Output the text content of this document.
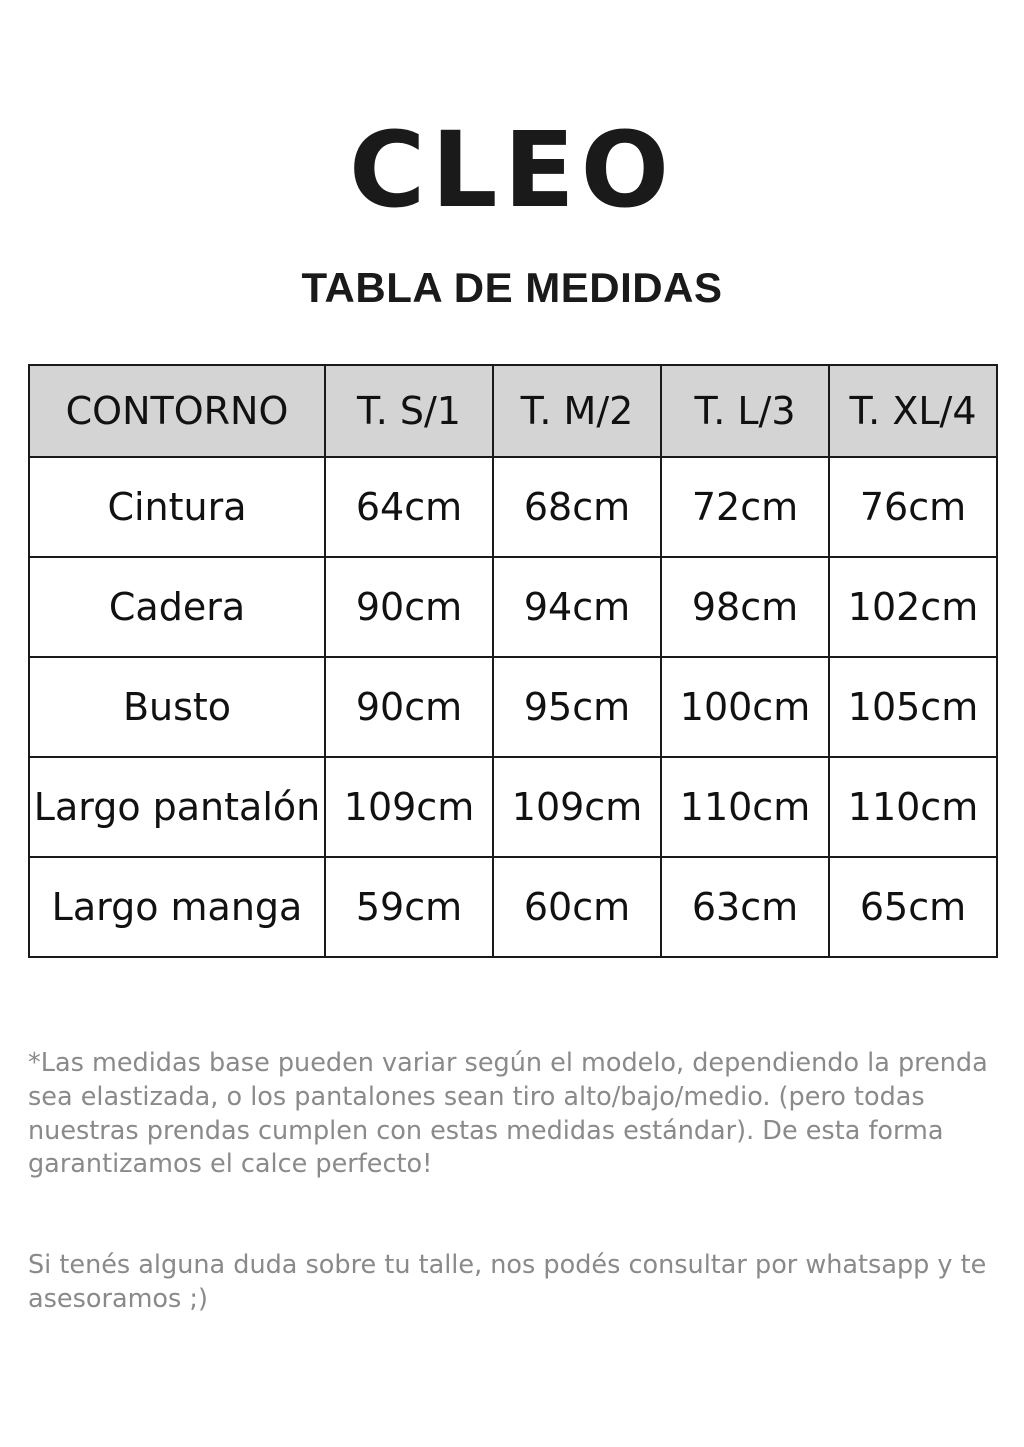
CLEO
TABLA DE MEDIDAS
CONTORNO	T. S/1	T. M/2	T. L/3	T. XL/4
Cintura	64cm	68cm	72cm	76cm
Cadera	90cm	94cm	98cm	102cm
Busto	90cm	95cm	100cm	105cm
Largo pantalón	109cm	109cm	110cm	110cm
Largo manga	59cm	60cm	63cm	65cm

*Las medidas base pueden variar según el modelo, dependiendo la prenda sea elastizada, o los pantalones sean tiro alto/bajo/medio. (pero todas nuestras prendas cumplen con estas medidas estándar). De esta forma garantizamos el calce perfecto!

Si tenés alguna duda sobre tu talle, nos podés consultar por whatsapp y te asesoramos ;)
